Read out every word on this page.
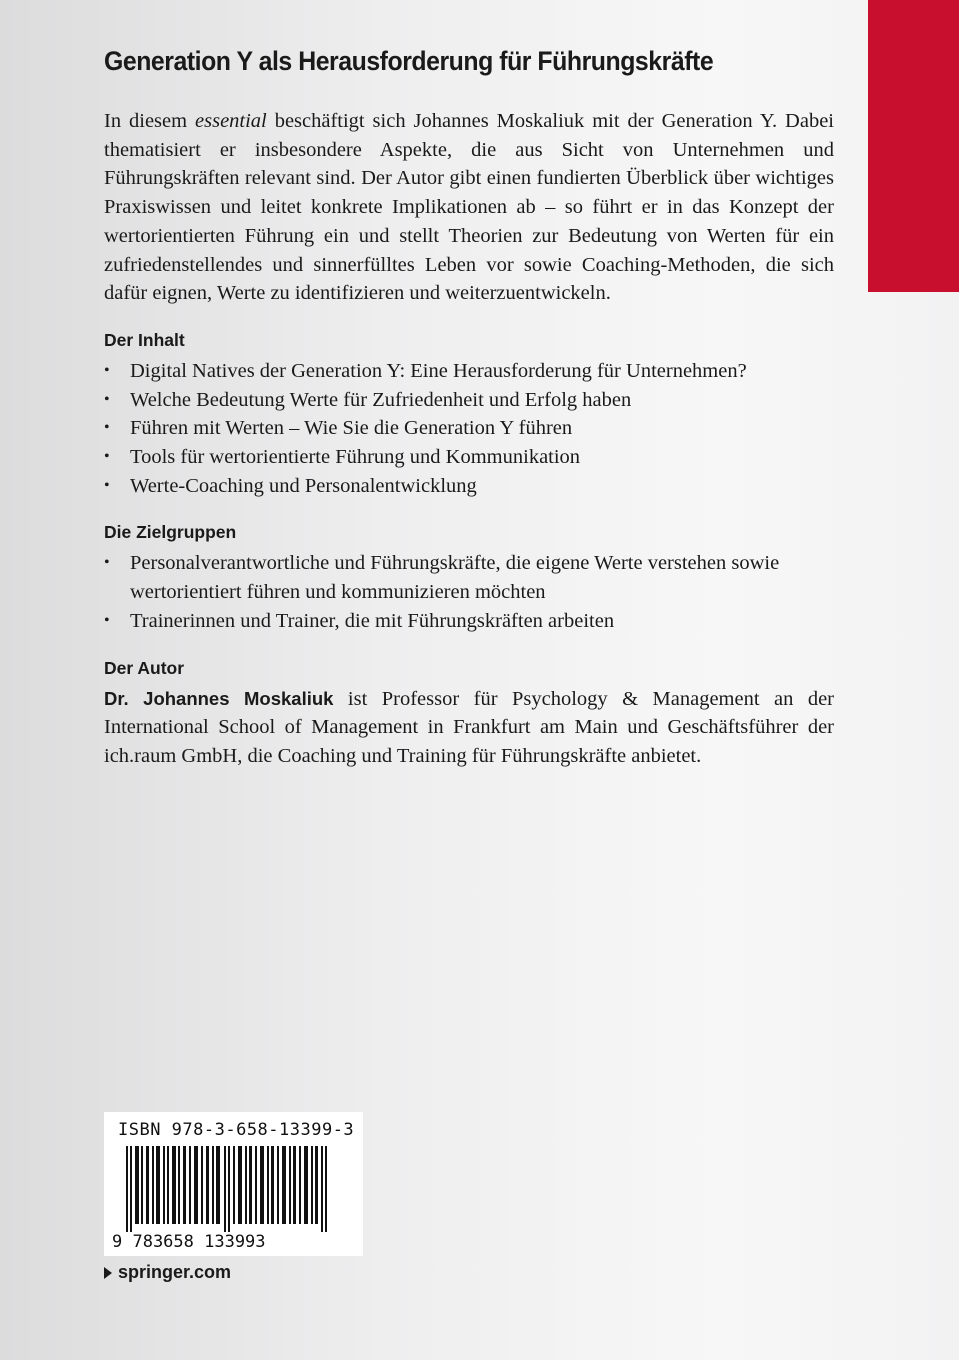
Generation Y als Herausforderung für Führungskräfte

In diesem essential beschäftigt sich Johannes Moskaliuk mit der Generation Y. Dabei thematisiert er insbesondere Aspekte, die aus Sicht von Unternehmen und Führungskräften relevant sind. Der Autor gibt einen fundierten Überblick über wichtiges Praxiswissen und leitet konkrete Implikationen ab – so führt er in das Konzept der wertorientierten Führung ein und stellt Theorien zur Bedeutung von Werten für ein zufriedenstellendes und sinnerfülltes Leben vor sowie Coaching-Methoden, die sich dafür eignen, Werte zu identifizieren und weiterzuentwickeln.

Der Inhalt
• Digital Natives der Generation Y: Eine Herausforderung für Unternehmen?
• Welche Bedeutung Werte für Zufriedenheit und Erfolg haben
• Führen mit Werten – Wie Sie die Generation Y führen
• Tools für wertorientierte Führung und Kommunikation
• Werte-Coaching und Personalentwicklung
Die Zielgruppen
• Personalverantwortliche und Führungskräfte, die eigene Werte verstehen sowie wertorientiert führen und kommunizieren möchten
• Trainerinnen und Trainer, die mit Führungskräften arbeiten
Der Autor

Dr. Johannes Moskaliuk ist Professor für Psychology & Management an der International School of Management in Frankfurt am Main und Geschäftsführer der ich.raum GmbH, die Coaching und Training für Führungskräfte anbietet.

ISBN 978-3-658-13399-3
9 783658 133993
springer.com
